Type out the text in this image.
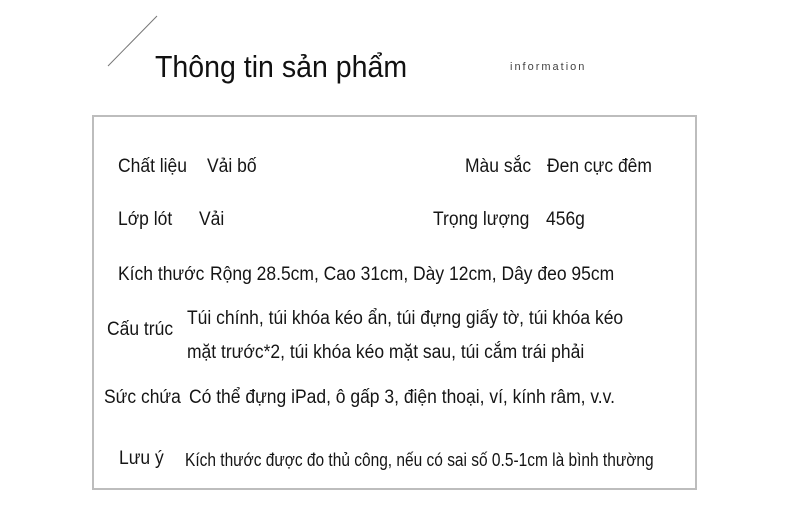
Thông tin sản phẩm	information
Chất liệu Vải bố	Màu sắc Đen cực đêm
Lớp lót Vải	Trọng lượng 456g
Kích thước Rộng 28.5cm, Cao 31cm, Dày 12cm, Dây đeo 95cm
Cấu trúc
Túi chính, túi khóa kéo ẩn, túi đựng giấy tờ, túi khóa kéo
mặt trước*2, túi khóa kéo mặt sau, túi cắm trái phải
Sức chứa Có thể đựng iPad, ô gấp 3, điện thoại, ví, kính râm, v.v.
Lưu ý Kích thước được đo thủ công, nếu có sai số 0.5-1cm là bình thường
